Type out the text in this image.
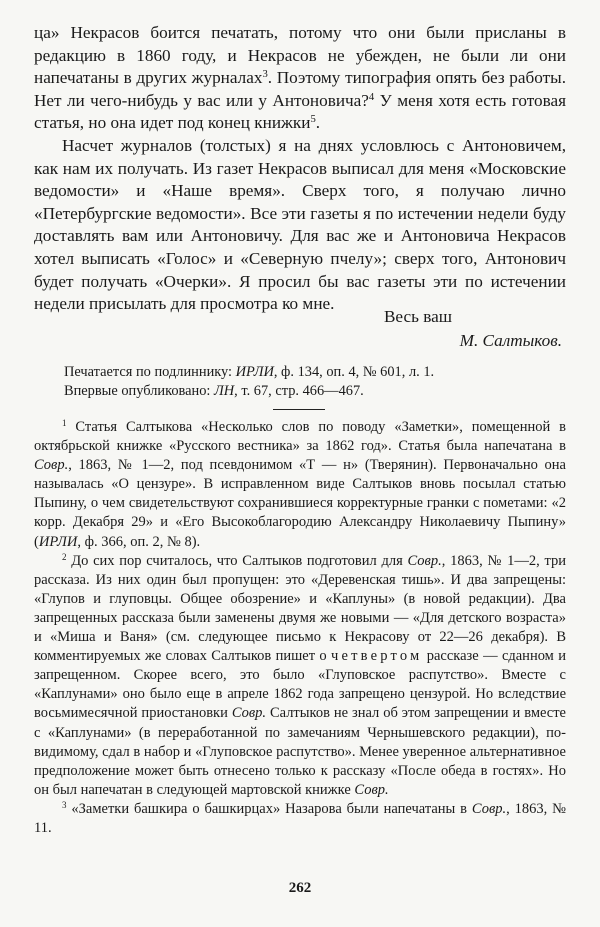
ца» Некрасов боится печатать, потому что они были присланы в редакцию в 1860 году, и Некрасов не убежден, не были ли они напечатаны в других журналах$^3$. Поэтому типография опять без работы. Нет ли чего-нибудь у вас или у Антоновича?$^4$ У меня хотя есть готовая статья, но она идет под конец книжки$^5$.

Насчет журналов (толстых) я на днях условлюсь с Антоновичем, как нам их получать. Из газет Некрасов выписал для меня «Московские ведомости» и «Наше время». Сверх того, я получаю лично «Петербургские ведомости». Все эти газеты я по истечении недели буду доставлять вам или Антоновичу. Для вас же и Антоновича Некрасов хотел выписать «Голос» и «Северную пчелу»; сверх того, Антонович будет получать «Очерки». Я просил бы вас газеты эти по истечении недели присылать для просмотра ко мне.

Весь ваш
М. Салтыков.
Печатается по подлиннику: ИРЛИ, ф. 134, оп. 4, № 601, л. 1.
Впервые опубликовано: ЛН, т. 67, стр. 466—467.

$^1$ Статья Салтыкова «Несколько слов по поводу «Заметки», помещенной в октябрьской книжке «Русского вестника» за 1862 год». Статья была напечатана в Совр., 1863, № 1—2, под псевдонимом «Т — н» (Тверянин). Первоначально она называлась «О цензуре». В исправленном виде Салтыков вновь посылал статью Пыпину, о чем свидетельствуют сохранившиеся корректурные гранки с пометами: «2 корр. Декабря 29» и «Его Высокоблагородию Александру Николаевичу Пыпину» (ИРЛИ, ф. 366, оп. 2, № 8).

$^2$ До сих пор считалось, что Салтыков подготовил для Совр., 1863, № 1—2, три рассказа. Из них один был пропущен: это «Деревенская тишь». И два запрещены: «Глупов и глуповцы. Общее обозрение» и «Каплуны» (в новой редакции). Два запрещенных рассказа были заменены двумя же новыми — «Для детского возраста» и «Миша и Ваня» (см. следующее письмо к Некрасову от 22—26 декабря). В комментируемых же словах Салтыков пишет о четвертом рассказе — сданном и запрещенном. Скорее всего, это было «Глуповское распутство». Вместе с «Каплунами» оно было еще в апреле 1862 года запрещено цензурой. Но вследствие восьмимесячной приостановки Совр. Салтыков не знал об этом запрещении и вместе с «Каплунами» (в переработанной по замечаниям Чернышевского редакции), по-видимому, сдал в набор и «Глуповское распутство». Менее уверенное альтернативное предположение может быть отнесено только к рассказу «После обеда в гостях». Но он был напечатан в следующей мартовской книжке Совр.

$^3$ «Заметки башкира о башкирцах» Назарова были напечатаны в Совр., 1863, № 11.

262
